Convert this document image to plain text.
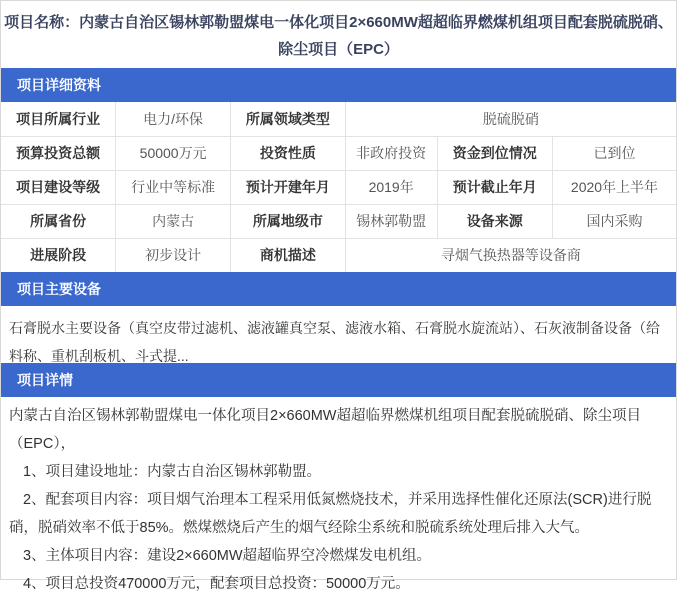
项目名称：内蒙古自治区锡林郭勒盟煤电一体化项目2×660MW超超临界燃煤机组项目配套脱硫脱硝、除尘项目（EPC）
项目详细资料
项目所属行业	电力/环保	所属领域类型	脱硫脱硝		
预算投资总额	50000万元	投资性质	非政府投资	资金到位情况	已到位
项目建设等级	行业中等标准	预计开建年月	2019年	预计截止年月	2020年上半年
所属省份	内蒙古	所属地级市	锡林郭勒盟	设备来源	国内采购
进展阶段	初步设计	商机描述	寻烟气换热器等设备商		
项目主要设备
石膏脱水主要设备（真空皮带过滤机、滤液罐真空泵、滤液水箱、石膏脱水旋流站）、石灰液制备设备（给料称、重机刮板机、斗式提...
项目详情

内蒙古自治区锡林郭勒盟煤电一体化项目2×660MW超超临界燃煤机组项目配套脱硫脱硝、除尘项目（EPC），

1、项目建设地址：内蒙古自治区锡林郭勒盟。

2、配套项目内容：项目烟气治理本工程采用低氮燃烧技术，并采用选择性催化还原法(SCR)进行脱硝，脱硝效率不低于85%。燃煤燃烧后产生的烟气经除尘系统和脱硫系统处理后排入大气。

3、主体项目内容：建设2×660MW超超临界空冷燃煤发电机组。

4、项目总投资470000万元，配套项目总投资：50000万元。
